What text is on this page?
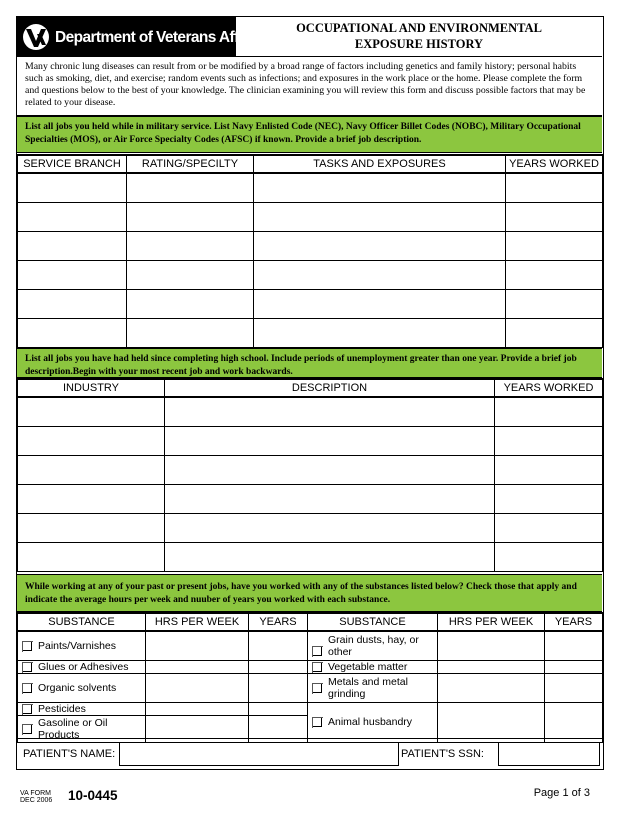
Department of Veterans Affairs
OCCUPATIONAL AND ENVIRONMENTAL
EXPOSURE HISTORY
Many chronic lung diseases can result from or be modified by a broad range of factors including genetics and family history; personal habits such as smoking, diet, and exercise; random events such as infections; and exposures in the work place or the home. Please complete the form and questions below to the best of your knowledge. The clinician examining you will review this form and discuss possible factors that may be related to your disease.
List all jobs you held while in military service. List Navy Enlisted Code (NEC), Navy Officer Billet Codes (NOBC), Military Occupational Specialties (MOS), or Air Force Specialty Codes (AFSC) if known. Provide a brief job description.
SERVICE BRANCH	RATING/SPECILTY	TASKS AND EXPOSURES	YEARS WORKED

List all jobs you have had held since completing high school. Include periods of unemployment greater than one year. Provide a brief job description.Begin with your most recent job and work backwards.
INDUSTRY	DESCRIPTION	YEARS WORKED

While working at any of your past or present jobs, have you worked with any of the substances listed below? Check those that apply and indicate the average hours per week and nuuber of years you worked with each substance.
SUBSTANCE	HRS PER WEEK	YEARS	SUBSTANCE	HRS PER WEEK	YEARS

Paints/Varnishes			Grain dusts, hay, or other		

Glues or Adhesives			Vegetable matter		

Organic solvents			Metals and metal grinding		

Pesticides			Animal husbandry		

Gasoline or Oil Products					

PATIENT'S NAME:	PATIENT'S SSN:
VA FORM
DEC 2006 10-0445	Page 1 of 3
